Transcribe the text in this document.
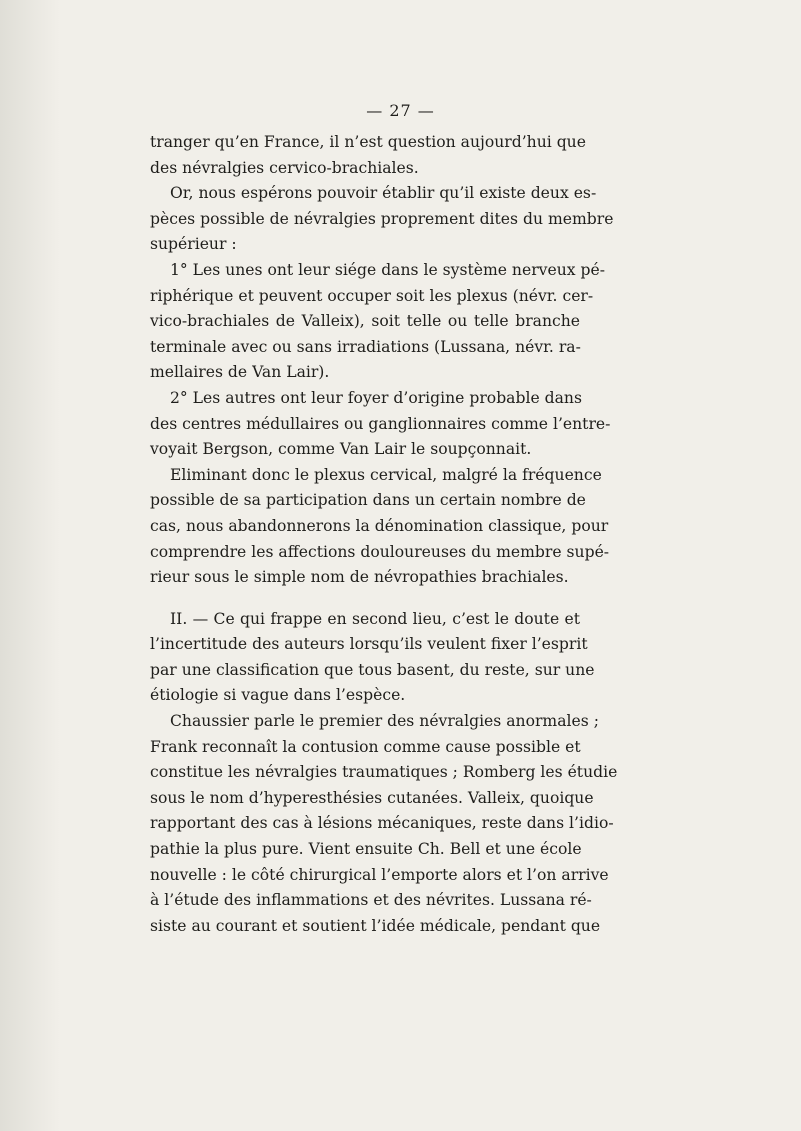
— 27 —
tranger qu’en France, il n’est question aujourd’hui que
des névralgies cervico-brachiales.
Or, nous espérons pouvoir établir qu’il existe deux es-
pèces possible de névralgies proprement dites du membre
supérieur :
1° Les unes ont leur siége dans le système nerveux pé-
riphérique et peuvent occuper soit les plexus (névr. cer-
vico-brachiales de Valleix), soit telle ou telle branche
terminale avec ou sans irradiations (Lussana, névr. ra-
mellaires de Van Lair).
2° Les autres ont leur foyer d’origine probable dans
des centres médullaires ou ganglionnaires comme l’entre-
voyait Bergson, comme Van Lair le soupçonnait.
Eliminant donc le plexus cervical, malgré la fréquence
possible de sa participation dans un certain nombre de
cas, nous abandonnerons la dénomination classique, pour
comprendre les affections douloureuses du membre supé-
rieur sous le simple nom de névropathies brachiales.
II. — Ce qui frappe en second lieu, c’est le doute et
l’incertitude des auteurs lorsqu’ils veulent fixer l’esprit
par une classification que tous basent, du reste, sur une
étiologie si vague dans l’espèce.
Chaussier parle le premier des névralgies anormales ;
Frank reconnaît la contusion comme cause possible et
constitue les névralgies traumatiques ; Romberg les étudie
sous le nom d’hyperesthésies cutanées. Valleix, quoique
rapportant des cas à lésions mécaniques, reste dans l’idio-
pathie la plus pure. Vient ensuite Ch. Bell et une école
nouvelle : le côté chirurgical l’emporte alors et l’on arrive
à l’étude des inflammations et des névrites. Lussana ré-
siste au courant et soutient l’idée médicale, pendant que
